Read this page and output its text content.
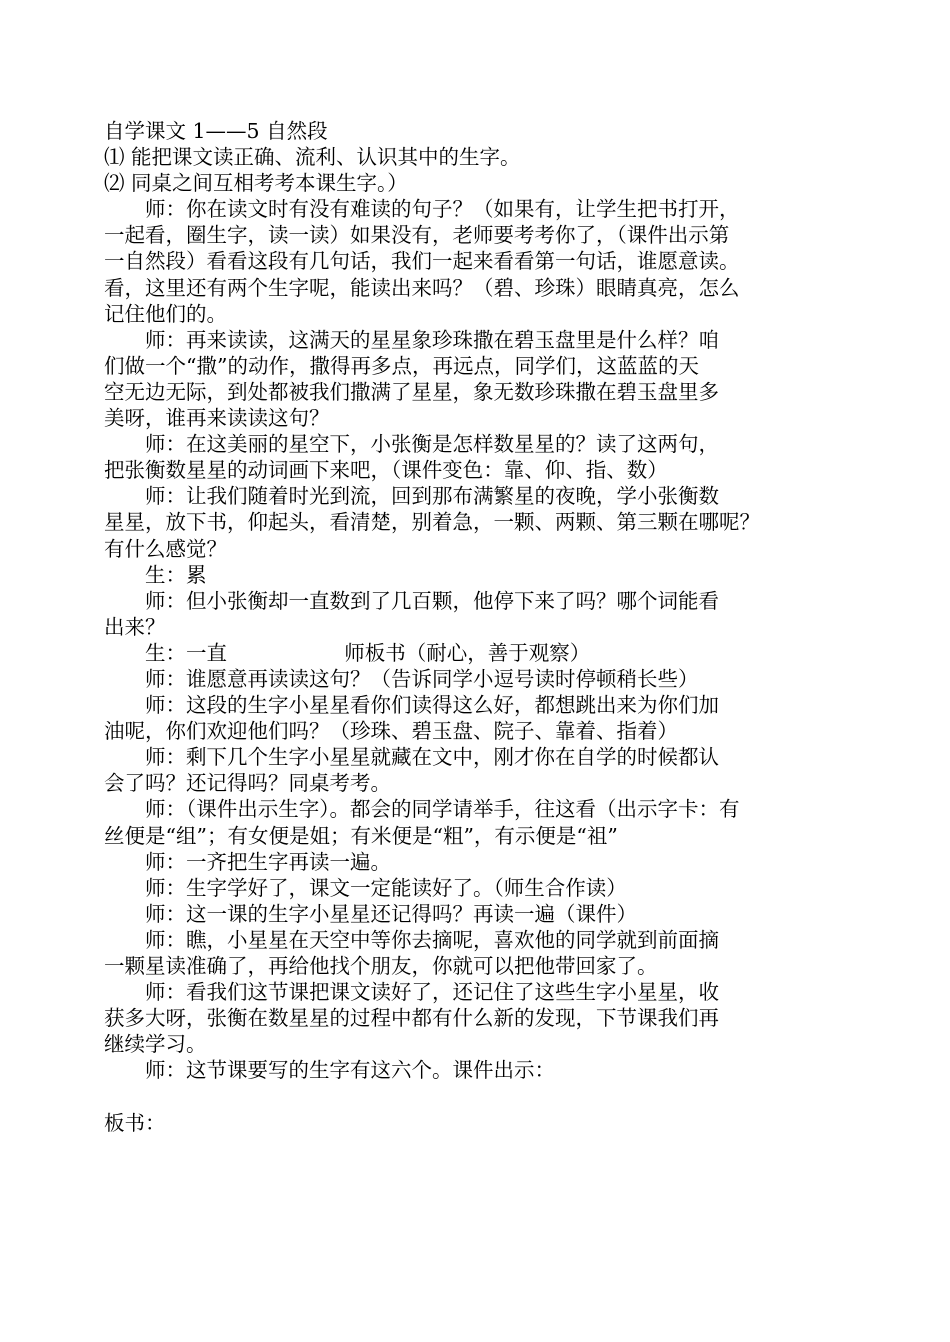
自学课文 1——5 自然段
⑴ 能把课文读正确、流利、认识其中的生字。
⑵ 同桌之间互相考考本课生字。）
　　师：你在读文时有没有难读的句子？（如果有，让学生把书打开，
一起看，圈生字，读一读）如果没有，老师要考考你了，（课件出示第
一自然段）看看这段有几句话，我们一起来看看第一句话，谁愿意读。
看，这里还有两个生字呢，能读出来吗？（碧、珍珠）眼睛真亮，怎么
记住他们的。
　　师：再来读读，这满天的星星象珍珠撒在碧玉盘里是什么样？咱
们做一个“撒”的动作，撒得再多点，再远点，同学们，这蓝蓝的天
空无边无际，到处都被我们撒满了星星，象无数珍珠撒在碧玉盘里多
美呀，谁再来读读这句？
　　师：在这美丽的星空下，小张衡是怎样数星星的？读了这两句，
把张衡数星星的动词画下来吧，（课件变色：靠、仰、指、数）
　　师：让我们随着时光到流，回到那布满繁星的夜晚，学小张衡数
星星，放下书，仰起头，看清楚，别着急，一颗、两颗、第三颗在哪呢？
有什么感觉？
　　生：累
　　师：但小张衡却一直数到了几百颗，他停下来了吗？哪个词能看
出来？
　　生：一直                  师板书（耐心，善于观察）
　　师：谁愿意再读读这句？（告诉同学小逗号读时停顿稍长些）
　　师：这段的生字小星星看你们读得这么好，都想跳出来为你们加
油呢，你们欢迎他们吗？（珍珠、碧玉盘、院子、靠着、指着）
　　师：剩下几个生字小星星就藏在文中，刚才你在自学的时候都认
会了吗？还记得吗？同桌考考。
　　师：（课件出示生字）。都会的同学请举手，往这看（出示字卡：有
丝便是“组”；有女便是姐；有米便是“粗”，有示便是“祖”
　　师：一齐把生字再读一遍。
　　师：生字学好了，课文一定能读好了。（师生合作读）
　　师：这一课的生字小星星还记得吗？再读一遍（课件）
　　师：瞧，小星星在天空中等你去摘呢，喜欢他的同学就到前面摘
一颗星读准确了，再给他找个朋友，你就可以把他带回家了。
　　师：看我们这节课把课文读好了，还记住了这些生字小星星，收
获多大呀，张衡在数星星的过程中都有什么新的发现，下节课我们再
继续学习。
　　师：这节课要写的生字有这六个。课件出示：
板书：
